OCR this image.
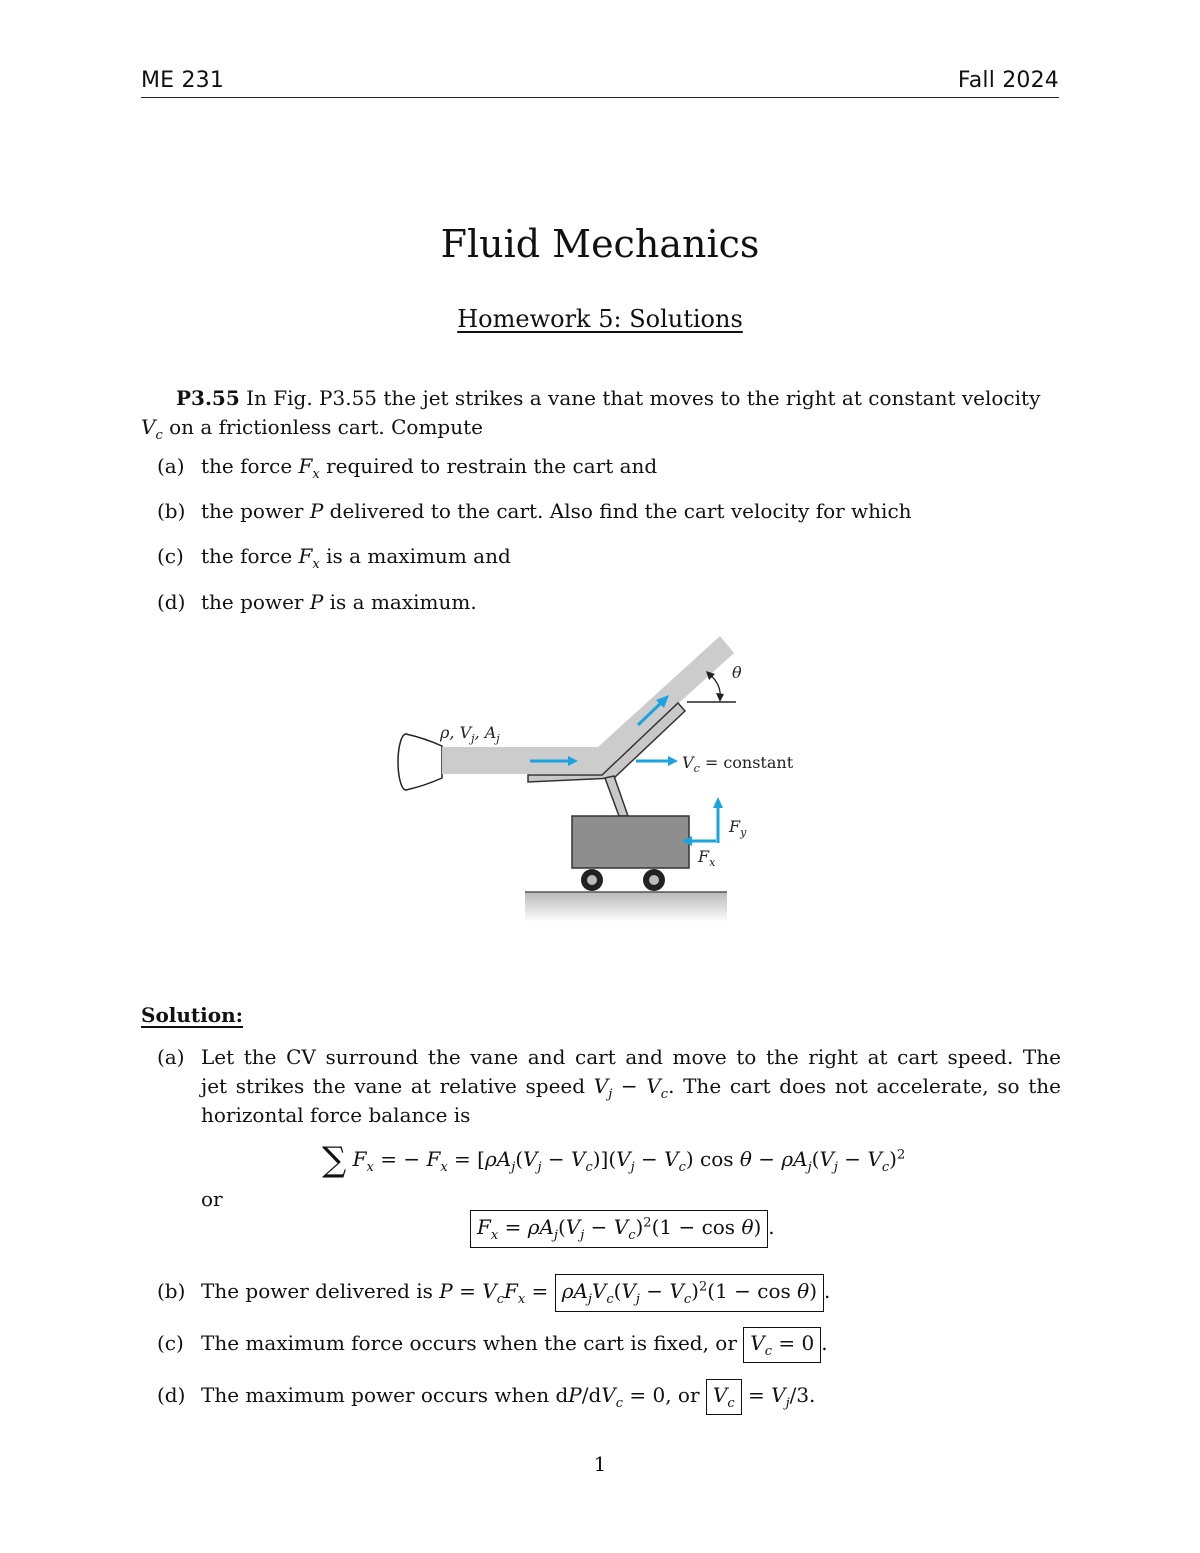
ME 231	Fall 2024
Fluid Mechanics
Homework 5: Solutions
P3.55 In Fig. P3.55 the jet strikes a vane that moves to the right at constant velocity
$V_c$ on a frictionless cart. Compute
(a) the force $F_x$ required to restrain the cart and
(b) the power P delivered to the cart. Also find the cart velocity for which
(c) the force $F_x$ is a maximum and
(d) the power P is a maximum.
$V_c$ = constant
ρ, $V_j$, $A_j$
θ
$F_y$
$F_x$
Solution:
(a) Let the CV surround the vane and cart and move to the right at cart speed. The
jet strikes the vane at relative speed $V_j - V_c$. The cart does not accelerate, so the
horizontal force balance is
∑ $F_x$ = − $F_x = [\rho A_j(V_j - V_c)](V_j - V_c)$ $\cos \theta - \rho A_j(V_j - V_c)^2$
or
$F_x = \rho A_j(V_j - V_c)^2(1 - \cos \theta)$ .
(b) The power delivered is $P = V_cF_x = \rho A_jV_c(V_j - V_c)^2(1 - \cos \theta)$ .
(c) The maximum force occurs when the cart is fixed, or $V_c = 0$ .
(d) The maximum power occurs when $dP/dV_c = 0$, or $V_c = V_j/3$.
1
